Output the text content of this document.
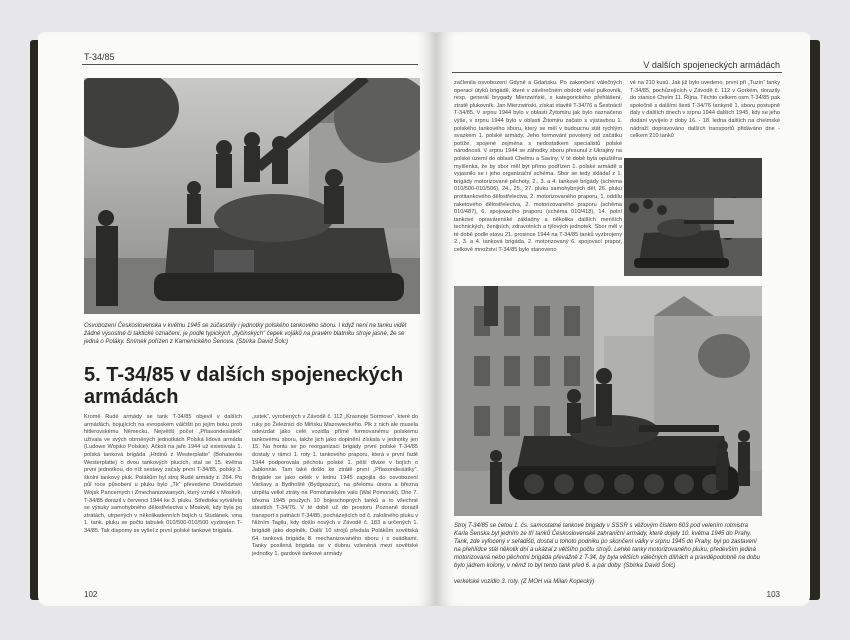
T-34/85
Osvobození Československa v květnu 1945 se zúčastnily i jednotky polského tankového sboru. I když není na tanku vidět žádné výsostné či taktické označení, je podle typických „tlyčinských“ čepek vojáků na pravém blatníku stroje jasné, že se jedná o Poláky. Snímek pořízen z Kamenického Šenova. (Sbírka David Šolc)
5. T-34/85 v dalších spojeneckých armádách
Kromě Rudé armády se tank T-34/85 objevil v dalších armádách, bojujících na evropském válčišti po jejím boku proti hitlerovskému Německu. Největší počet „Přiasondesiátek“ užívala ve svých obrněných jednotkách Polská lidová armáda (Ludowe Wojsko Polskie). Ačkoli na jaře 1944 už existovala 1. polská tanková brigáda „Hrdinů z Westerplatte“ (Bohaterów Westerplatte) o dvou tankových plucích, stal se 15. května první jednotkou, do níž sestavy začaly první T-34/85, polský 3. školní tankový pluk. Polákům byl stroj Rudé armády z. 264. Po půl roce působení u pluku bylo „Tk“ převedeno Dowództwo Wojsk Pancernych i Zmechanizowanych, který vznikl v Moskvě, T-34/85 dorazil v červenci 1944 ke 3. pluku. Střediska vytvářela se výsuky samohybného dělostřelectva v Moskvě, kdy byla po ztrátách, utrpených v několikadenních bojích u Studánek, vina 1. tank. pluku se počtu tabulek 010/500-010/500 vyzbrojen T-34/85. Tak dispomy se vyšel z první polské tankové brigáda.
„sstek“, vyrobených v Závodě č. 112 „Krasnoje Sormovo“, které do ruky po Železnici do Mińsku Mazowieckého. Plk z nich ale musela odevzdat jako celé vozidla přímé formovanému polskému tankovému sboru, takže jich jako doplnění získala v jednotky jen 15. Na frontu se po reorganizaci brigády první polské T-34/85 dostaly v rámci 1. roty 1. tankového praporu, která v první řadě 1944 podporovala pěchotu polské 1. pěší divize v bojích o Jabłonnie. Tam také došlo ke ztrátě první „Přiasondesiátky“. Brigáde se jako celek v lednu 1945 zapojila do osvobození Varšavy a Bydhoště (Bydgoszcz), na přelomu února a března utrpěla velké ztráty na Pomořanském valu (Wał Pomorski). Dne 7. března 1945 použych 10 bojeschopných tanků a to všechné stavitích T-34/76. V té době už do prostoru Poznaně dorazil transport s patnácti T-34/85, pocházejících od č. zalošného pluku v Nižním Tagilu, kdy došlo nových v Závodě č. 183 a určených 1. brigádě jako doplněk. Další 10 strojů předala Polákům sovětská 64. tanková brigáda 8. mechanizovaného sboru i s osádkami. Tanky posílená brigáda se v dubnu vzlenéná mezi sovětské jednotky 1. gardové tankové armády
102
V dalších spojeneckých armádách
začlenila osvobození Gdyně a Gdańsku. Po zakončení válečných operací útyků brigádě, které v závěrečném období velel pulkovník, resp. generál brygady Mierzwiński, s kategorického přehlášení, ztratě plukovník. Jan Mierzwiński, získat stavitě T-34/76 a Šestnáctí T-34/85. V srpnu 1944 bylo v oblasti Żytomiru jak bylo naznačeno výše, v srpnu 1944 bylo v oblasti Žitomiru začato s výstavbou 1. polského tankového sboru, který se měl v budoucnu stát rychlým svazkem 1. polské armády. Jeho formováni povolený od začátku potíže, spojené zejména s nedostatkem specialistů polské národnosti. V srpnu 1944 se záhodky sboru přesunul z Ukrajiny na polské území do oblasti Chełmu a Saviny. V té době byla opuštěna myšlenka, že by sbor měl být přímo podřízen 1. polské armádě a vyjasnilo se i jeho organizační schéma. Sbor se tedy skládal z 1. brigády motorizované pěchoty, 2., 3. a 4. tankové brigády (schéma 010/500-010/506), 24., 25., 27. pluku samohybných děl, 26. pluku protitankového dělostřelectva, 2. motorizovaného praporu, 1. oddílu raketového dělostřelectva, 2. motorizovaného praporu (schéma 010/487), 6. spojovacího praporu (schéma 010/418), 14. polní tankové opravárenské základny a několika dalších menších technických, ženijních, zdravotních a týlových jednotek. Sbor měl v té době podle stavu 21. prosince 1944 na T-34/85 tanků vyzbrojeny 2., 3. a 4. tanková brigáda, 2. motorizovaný 6. spojovací prapor, celkově množství T-34/85 bylo stanoveno
vé na 210 kusů. Jak již bylo uvedeno, první při „Tuzin“ tanky T-34/85, pochůzejících v Závodě č. 112 v Gorkém, dorazily do stanice Chelm 11. Října. Těchto celkem osm T-34/85 pak společně s dalšími šesti T-34/76 tankyně 1. sboru postupně daly v dalších dnech v srpnu 1944 dalších 1945, kdy se jeho dodání vyvíjelo z doby 16. - 18. ledna dalších na chelmské nádraží dopravováno dalších transportů přidáváno dne - celkem 210 tanků
Stroj T-34/85 se četou 1. čs. samostatné tankové brigády v SSSR s věžovým číslem 603 pod velením rotmistra Karla Šenska byl jedním ze tří tanků Československé zahraniční armády, které dojely 10. května 1945 do Prahy. Tank, zde vyfocený v seřadišti, dostal u tohoto podniku po skončení války v srpnu 1945 do Prahy, byl po zastavení na přehlídce stál několik dní a ukázal z většího počtu strojů. Lehké tanky motorizovaného pluku, především jediná motorizovaná nebo pěchotní brigáda převážně z T-34, by byla větších válečných dílňách a pravděpodobně na dobu bylo jádrem kolony, v němž to byl tento tank před 6. a pár doby. (Sbírka David Šolc)
verkelské vozidlo 3. roty. (Z MOH via Milan Kopecký)
103
